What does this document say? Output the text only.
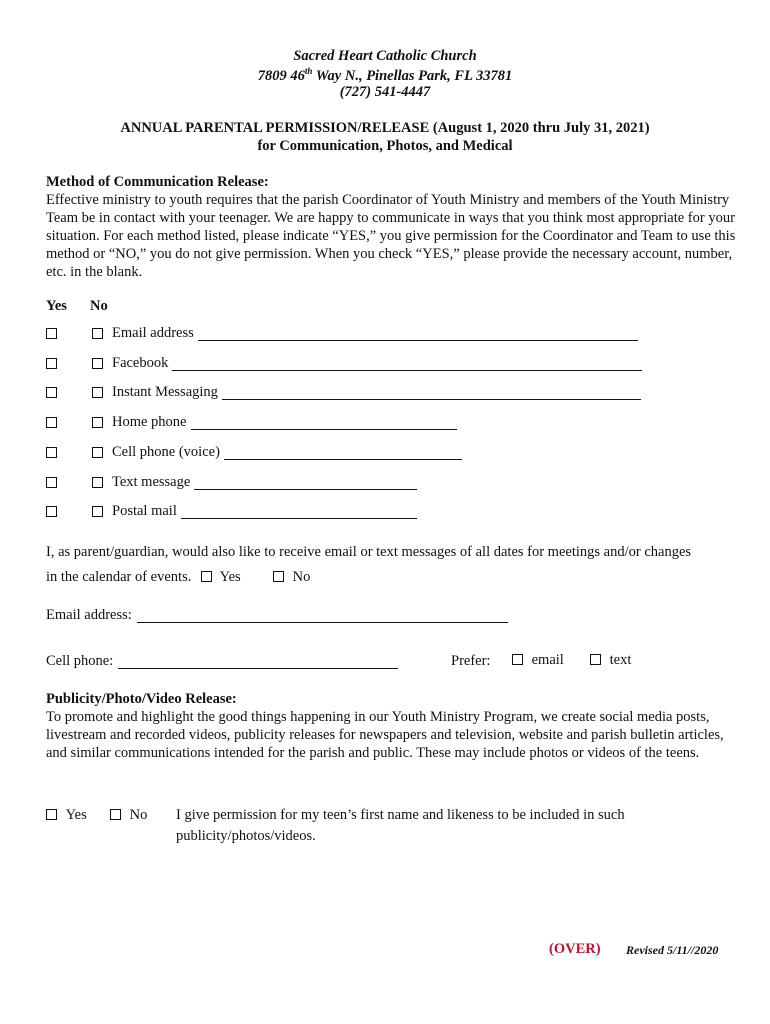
Sacred Heart Catholic Church
7809 46th Way N., Pinellas Park, FL 33781
(727) 541-4447
ANNUAL PARENTAL PERMISSION/RELEASE (August 1, 2020 thru July 31, 2021)
for Communication, Photos, and Medical
Method of Communication Release:
Effective ministry to youth requires that the parish Coordinator of Youth Ministry and members of the Youth Ministry Team be in contact with your teenager. We are happy to communicate in ways that you think most appropriate for your situation. For each method listed, please indicate “YES,” you give permission for the Coordinator and Team to use this method or “NO,” you do not give permission. When you check “YES,” please provide the necessary account, number, etc. in the blank.
Yes No
Email address
Facebook
Instant Messaging
Home phone
Cell phone (voice)
Text message
Postal mail
I, as parent/guardian, would also like to receive email or text messages of all dates for meetings and/or changes
in the calendar of events. Yes	No
Email address:
Cell phone:	Prefer:	email	text
Publicity/Photo/Video Release:
To promote and highlight the good things happening in our Youth Ministry Program, we create social media posts, livestream and recorded videos, publicity releases for newspapers and television, website and parish bulletin articles, and similar communications intended for the parish and public. These may include photos or videos of the teens.
Yes	No I give permission for my teen’s first name and likeness to be included in such
publicity/photos/videos.
(OVER) Revised 5/11//2020
